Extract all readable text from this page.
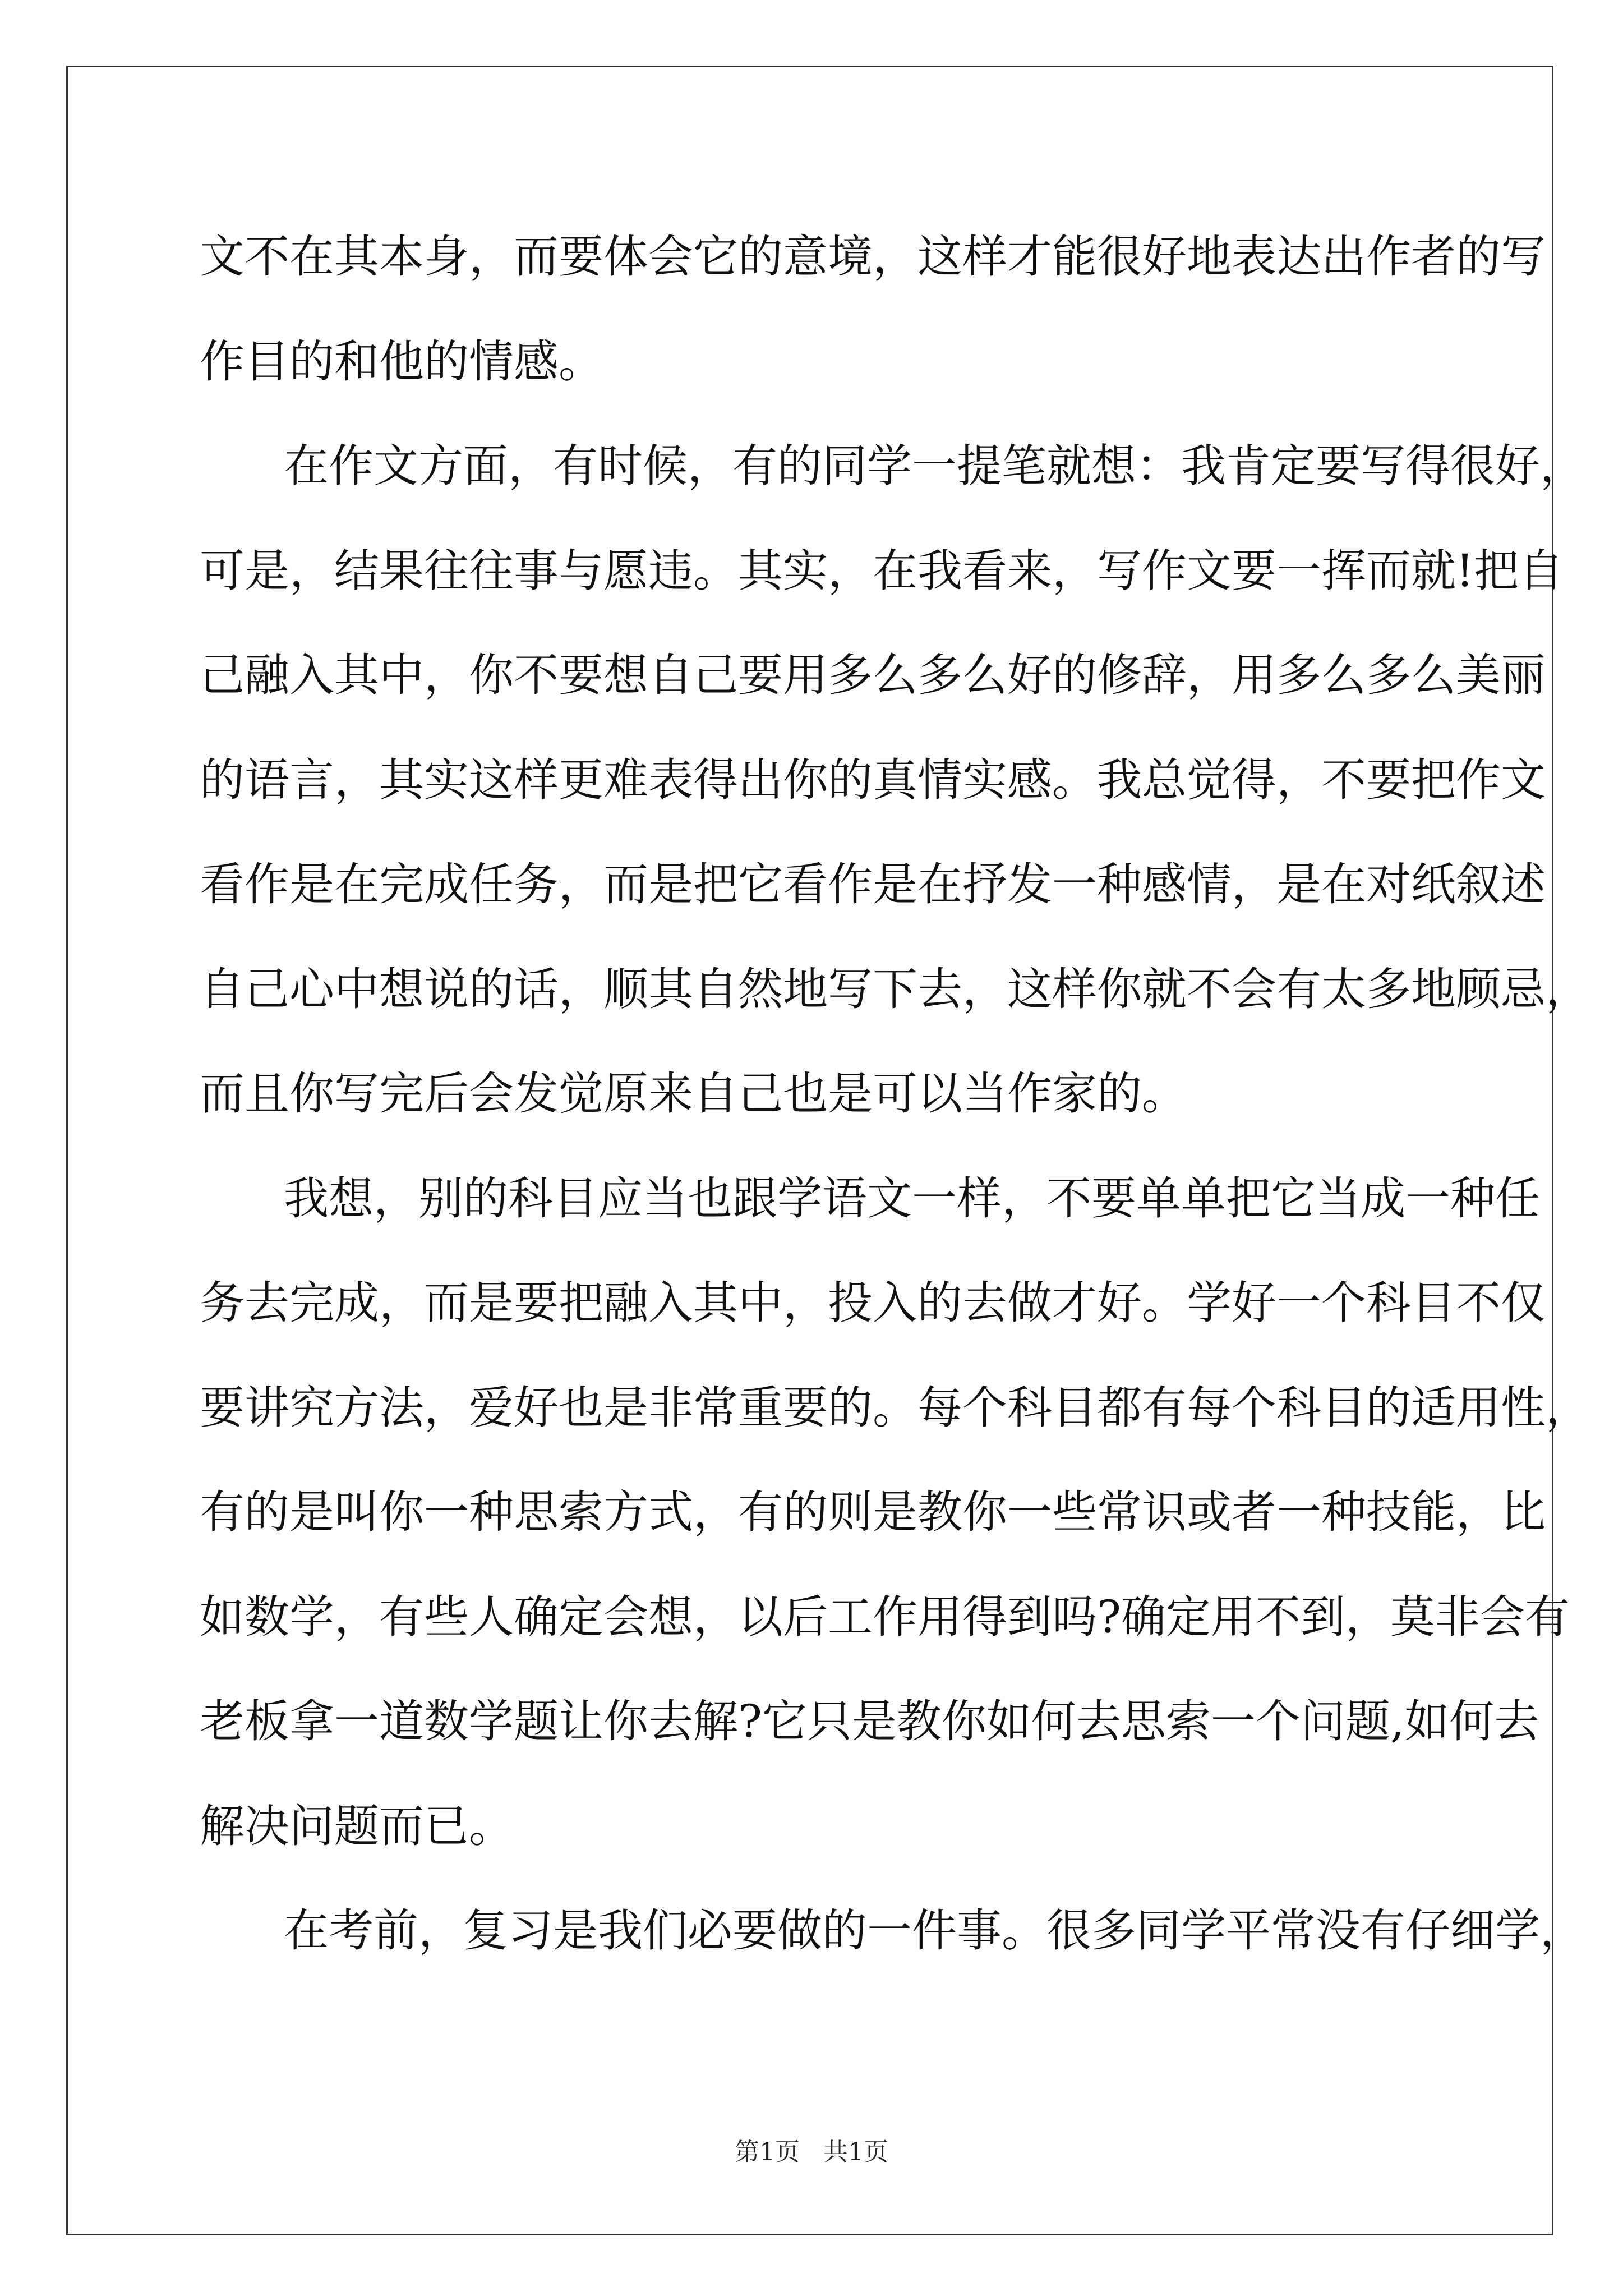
文不在其本身，而要体会它的意境，这样才能很好地表达出作者的写
作目的和他的情感。

在作文方面，有时候，有的同学一提笔就想：我肯定要写得很好，
可是，结果往往事与愿违。其实，在我看来，写作文要一挥而就!把自
己融入其中，你不要想自己要用多么多么好的修辞，用多么多么美丽
的语言，其实这样更难表得出你的真情实感。我总觉得，不要把作文
看作是在完成任务，而是把它看作是在抒发一种感情，是在对纸叙述
自己心中想说的话，顺其自然地写下去，这样你就不会有太多地顾忌，
而且你写完后会发觉原来自己也是可以当作家的。

我想，别的科目应当也跟学语文一样，不要单单把它当成一种任
务去完成，而是要把融入其中，投入的去做才好。学好一个科目不仅
要讲究方法，爱好也是非常重要的。每个科目都有每个科目的适用性，
有的是叫你一种思索方式，有的则是教你一些常识或者一种技能，比
如数学，有些人确定会想，以后工作用得到吗?确定用不到，莫非会有
老板拿一道数学题让你去解?它只是教你如何去思索一个问题,如何去
解决问题而已。

在考前，复习是我们必要做的一件事。很多同学平常没有仔细学，

第1页 共1页
